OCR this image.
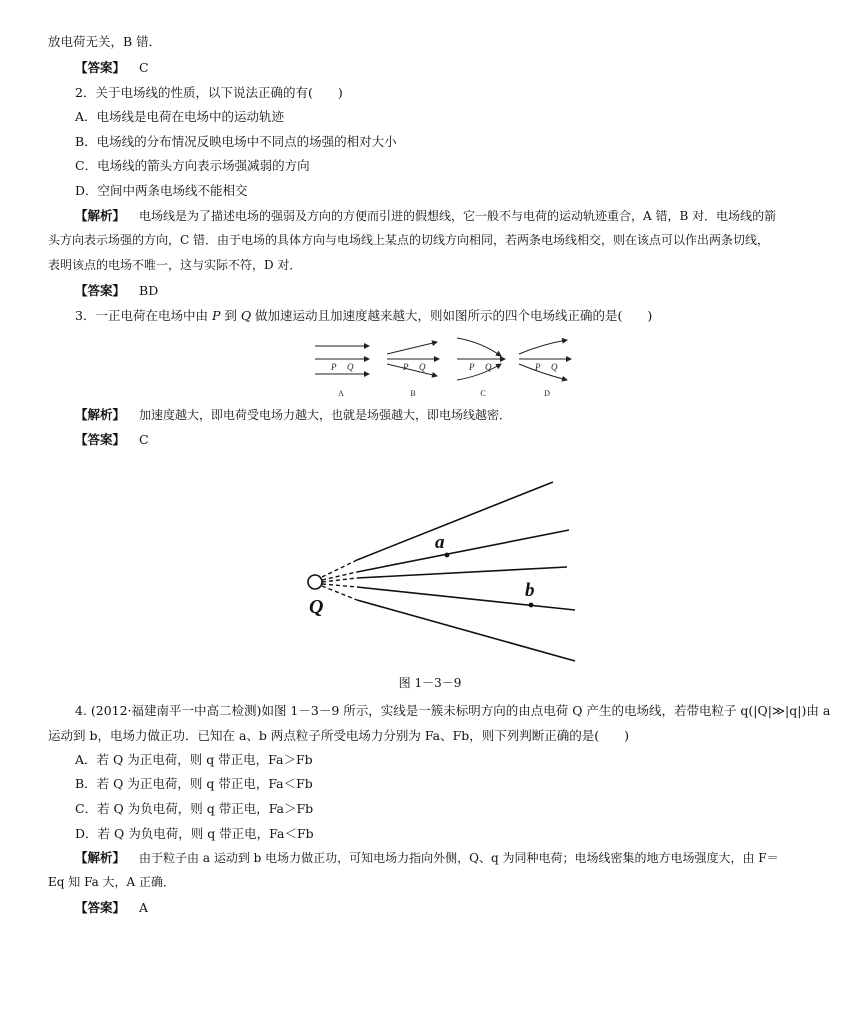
放电荷无关，B 错．
【 答案 】 C
2．关于电场线的性质，以下说法正确的有(　　)
A．电场线是电荷在电场中的运动轨迹
B．电场线的分布情况反映电场中不同点的场强的相对大小
C．电场线的箭头方向表示场强减弱的方向
D．空间中两条电场线不能相交
【 解析 】 电场线是为了描述电场的强弱及方向的方便而引进的假想线，它一般不与电荷的运动轨迹重合，A 错，B 对．电场线的箭
头方向表示场强的方向，C 错．由于电场的具体方向与电场线上某点的切线方向相同，若两条电场线相交，则在该点可以作出两条切线，
表明该点的电场不唯一，这与实际不符，D 对．
【 答案 】 BD
3．一正电荷在电场中由 P 到 Q 做加速运动且加速度越来越大，则如图所示的四个电场线正确的是(　　)
P Q	P Q	P Q	P Q
A	B	C	D
【 解析 】 加速度越大，即电荷受电场力越大，也就是场强越大，即电场线越密．
【 答案 】 C
a
b
Q
图 1－3－9
4. (2012·福建南平一中高二检测)如图 1－3－9 所示，实线是一簇未标明方向的由点电荷 Q 产生的电场线，若带电粒子 q(|Q|≫|q|)由 a
运动到 b，电场力做正功．已知在 a、b 两点粒子所受电场力分别为 Fa、Fb，则下列判断正确的是(　　)
A．若 Q 为正电荷，则 q 带正电，Fa＞Fb
B．若 Q 为正电荷，则 q 带正电，Fa＜Fb
C．若 Q 为负电荷，则 q 带正电，Fa＞Fb
D．若 Q 为负电荷，则 q 带正电，Fa＜Fb
【 解析 】 由于粒子由 a 运动到 b 电场力做正功，可知电场力指向外侧，Q、q 为同种电荷；电场线密集的地方电场强度大，由 F＝
Eq 知 Fa 大，A 正确．
【 答案 】 A
